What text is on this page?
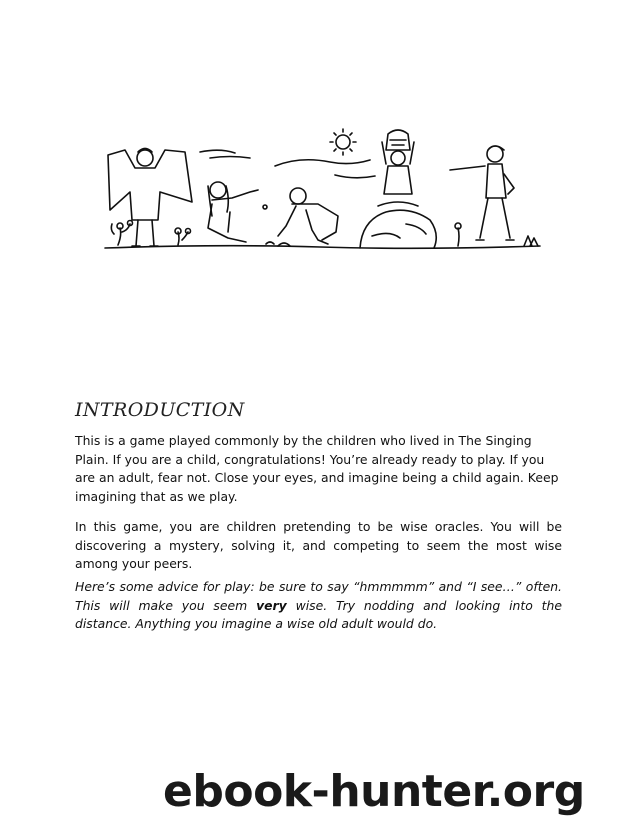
INTRODUCTION

This is a game played commonly by the children who lived in The Singing Plain. If you are a child, congratulations! You’re already ready to play. If you are an adult, fear not. Close your eyes, and imagine being a child again. Keep imagining that as we play.

In this game, you are children pretending to be wise oracles. You will be discovering a mystery, solving it, and competing to seem the most wise among your peers.

Here’s some advice for play: be sure to say “hmmmmm” and “I see…” often. This will make you seem very wise. Try nodding and looking into the distance. Anything you imagine a wise old adult would do.

ebook-hunter.org
